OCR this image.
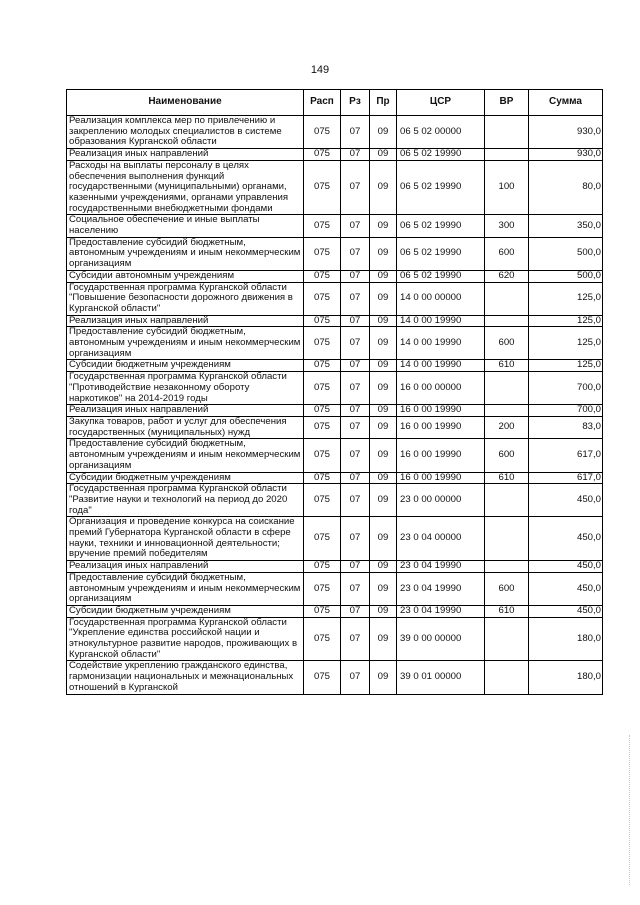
149
Наименование	Расп	Рз	Пр	ЦСР	ВР	Сумма
Реализация комплекса мер по привлечению и закреплению молодых специалистов в системе образования Курганской области	075	07	09	06 5 02 00000		930,0
Реализация иных направлений	075	07	09	06 5 02 19990		930,0
Расходы на выплаты персоналу в целях обеспечения выполнения функций государственными (муниципальными) органами, казенными учреждениями, органами управления государственными внебюджетными фондами	075	07	09	06 5 02 19990	100	80,0
Социальное обеспечение и иные выплаты населению	075	07	09	06 5 02 19990	300	350,0
Предоставление субсидий бюджетным, автономным учреждениям и иным некоммерческим организациям	075	07	09	06 5 02 19990	600	500,0
Субсидии автономным учреждениям	075	07	09	06 5 02 19990	620	500,0
Государственная программа Курганской области "Повышение безопасности дорожного движения в Курганской области"	075	07	09	14 0 00 00000		125,0
Реализация иных направлений	075	07	09	14 0 00 19990		125,0
Предоставление субсидий бюджетным, автономным учреждениям и иным некоммерческим организациям	075	07	09	14 0 00 19990	600	125,0
Субсидии бюджетным учреждениям	075	07	09	14 0 00 19990	610	125,0
Государственная программа Курганской области "Противодействие незаконному обороту наркотиков" на 2014-2019 годы	075	07	09	16 0 00 00000		700,0
Реализация иных направлений	075	07	09	16 0 00 19990		700,0
Закупка товаров, работ и услуг для обеспечения государственных (муниципальных) нужд	075	07	09	16 0 00 19990	200	83,0
Предоставление субсидий бюджетным, автономным учреждениям и иным некоммерческим организациям	075	07	09	16 0 00 19990	600	617,0
Субсидии бюджетным учреждениям	075	07	09	16 0 00 19990	610	617,0
Государственная программа Курганской области "Развитие науки и технологий на период до 2020 года"	075	07	09	23 0 00 00000		450,0
Организация и проведение конкурса на соискание премий Губернатора Курганской области в сфере науки, техники и инновационной деятельности; вручение премий победителям	075	07	09	23 0 04 00000		450,0
Реализация иных направлений	075	07	09	23 0 04 19990		450,0
Предоставление субсидий бюджетным, автономным учреждениям и иным некоммерческим организациям	075	07	09	23 0 04 19990	600	450,0
Субсидии бюджетным учреждениям	075	07	09	23 0 04 19990	610	450,0
Государственная программа Курганской области "Укрепление единства российской нации и этнокультурное развитие народов, проживающих в Курганской области"	075	07	09	39 0 00 00000		180,0
Содействие укреплению гражданского единства, гармонизации национальных и межнациональных отношений в Курганской	075	07	09	39 0 01 00000		180,0
